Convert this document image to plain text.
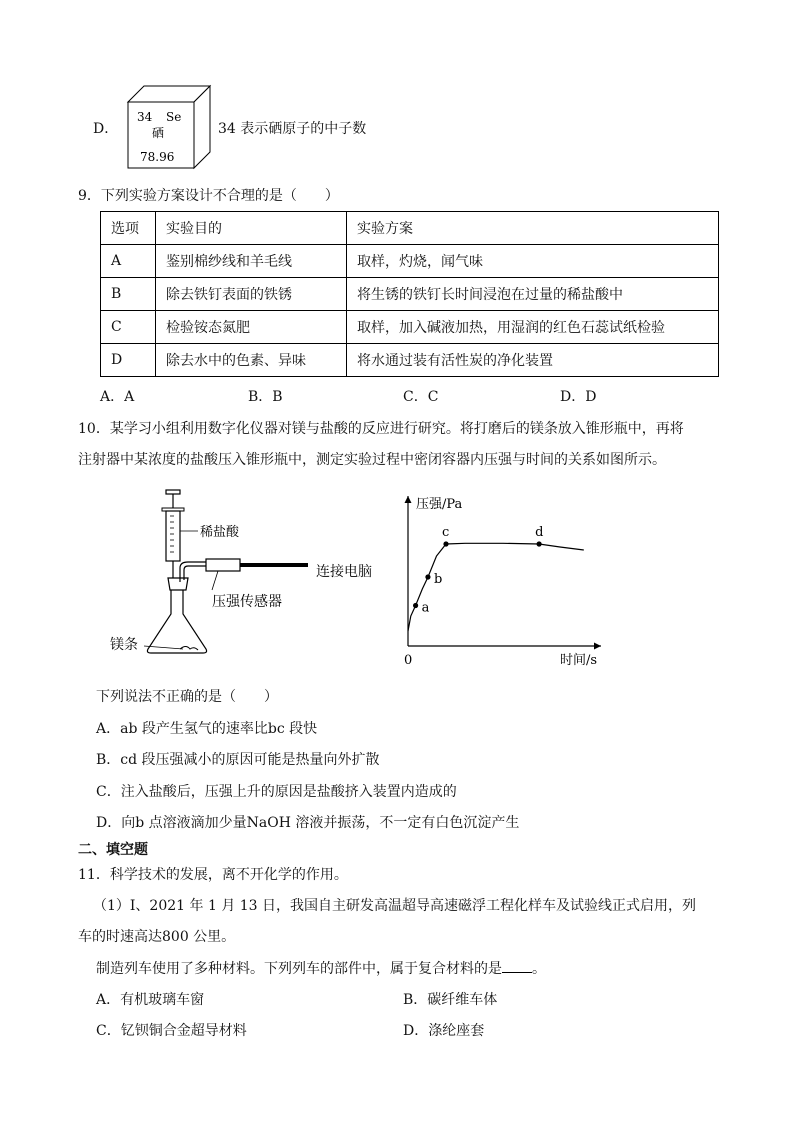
D．
34 Se
硒
78.96
34 表示硒原子的中子数
9．下列实验方案设计不合理的是（　　）
选项	实验目的	实验方案
A	鉴别棉纱线和羊毛线	取样，灼烧，闻气味
B	除去铁钉表面的铁锈	将生锈的铁钉长时间浸泡在过量的稀盐酸中
C	检验铵态氮肥	取样，加入碱液加热，用湿润的红色石蕊试纸检验
D	除去水中的色素、异味	将水通过装有活性炭的净化装置
A．A	B．B	C．C	D．D
10．某学习小组利用数字化仪器对镁与盐酸的反应进行研究。将打磨后的镁条放入锥形瓶中，再将
注射器中某浓度的盐酸压入锥形瓶中，测定实验过程中密闭容器内压强与时间的关系如图所示。
稀盐酸
连接电脑
压强传感器
镁条
压强/Pa
时间/s
0
a
b
c	d
下列说法不正确的是（　　）
A．ab 段产生氢气的速率比bc 段快
B．cd 段压强减小的原因可能是热量向外扩散
C．注入盐酸后，压强上升的原因是盐酸挤入装置内造成的
D．向b 点溶液滴加少量NaOH 溶液并振荡，不一定有白色沉淀产生
二、填空题
11．科学技术的发展，离不开化学的作用。
（1）Ⅰ、2021 年 1 月 13 日，我国自主研发高温超导高速磁浮工程化样车及试验线正式启用，列
车的时速高达800 公里。
制造列车使用了多种材料。下列列车的部件中，属于复合材料的是 。
A．有机玻璃车窗	B．碳纤维车体
C．钇钡铜合金超导材料	D．涤纶座套
